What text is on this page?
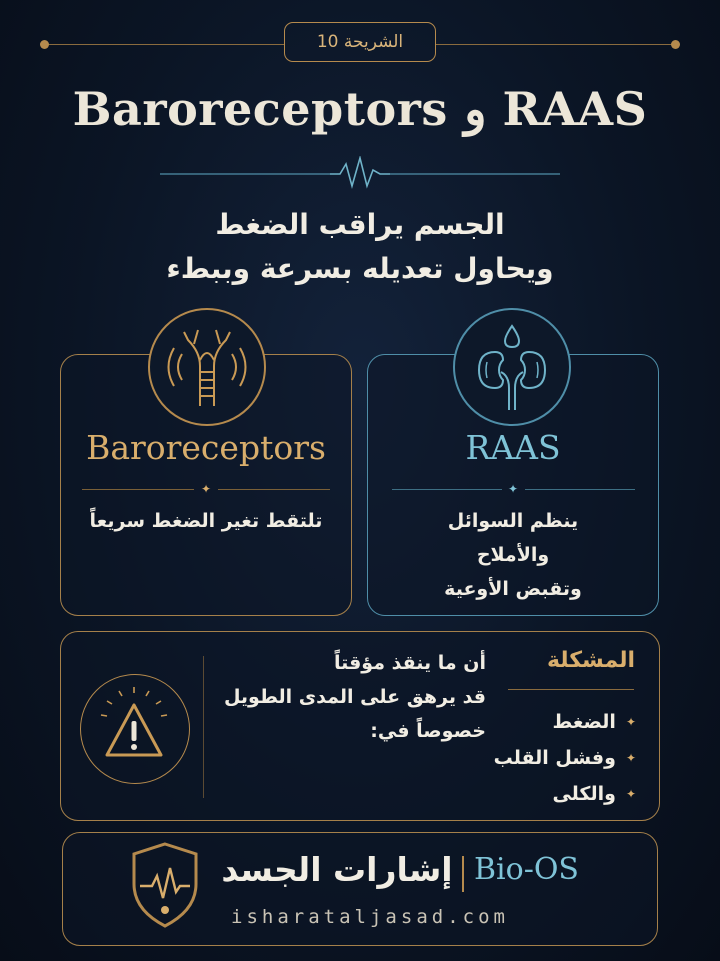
الشريحة 10
Baroreceptors و RAAS
الجسم يراقب الضغط
ويحاول تعديله بسرعة وببطء
Baroreceptors
✦
تلتقط تغير الضغط سريعاً
RAAS
✦
ينظم السوائل
والأملاح
وتقبض الأوعية
أن ما ينقذ مؤقتاً
قد يرهق على المدى الطويل
خصوصاً في:
المشكلة
✦
الضغط
✦
وفشل القلب
✦
والكلى
إشارات الجسد Bio-OS
isharataljasad.com
